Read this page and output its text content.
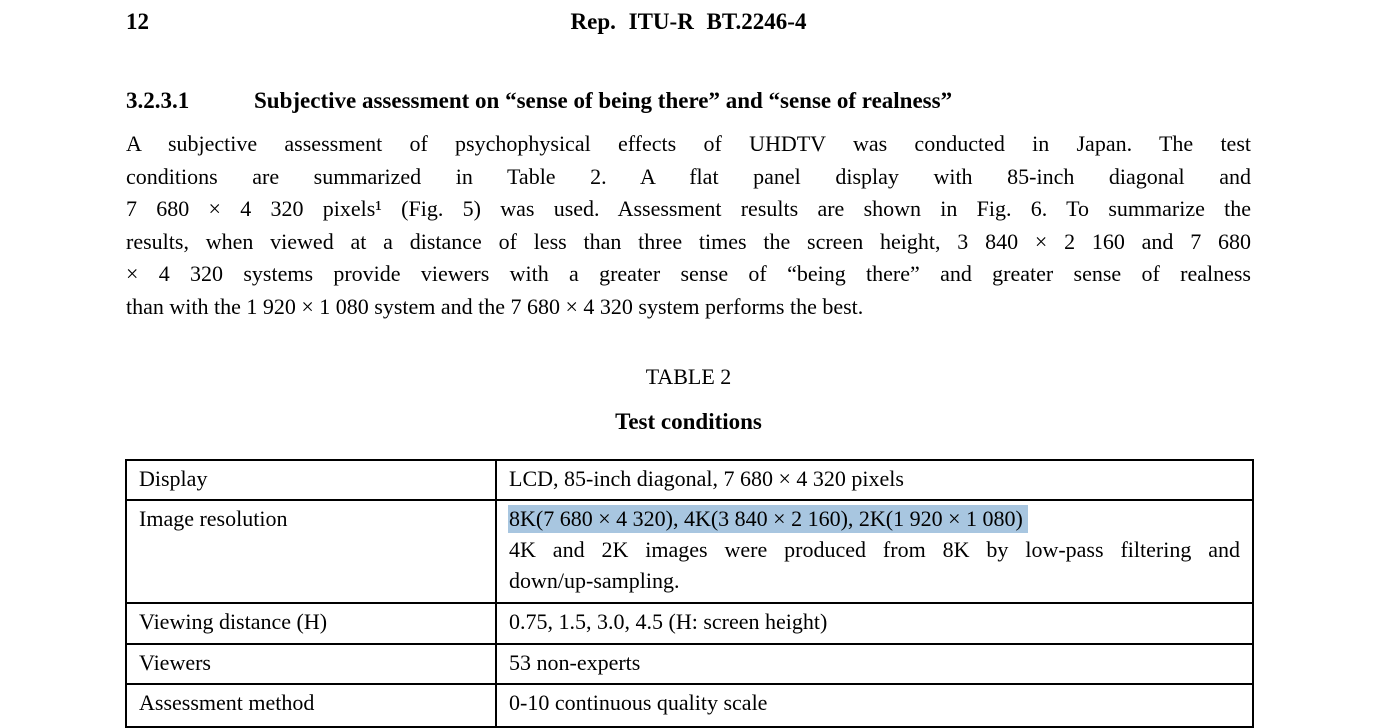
12	Rep. ITU-R BT.2246-4
3.2.3.1	Subjective assessment on “sense of being there” and “sense of realness”
A subjective assessment of psychophysical effects of UHDTV was conducted in Japan. The test
conditions are summarized in Table 2. A flat panel display with 85-inch diagonal and
7 680 × 4 320 pixels¹ (Fig. 5) was used. Assessment results are shown in Fig. 6. To summarize the
results, when viewed at a distance of less than three times the screen height, 3 840 × 2 160 and 7 680
× 4 320 systems provide viewers with a greater sense of “being there” and greater sense of realness
than with the 1 920 × 1 080 system and the 7 680 × 4 320 system performs the best.
TABLE 2
Test conditions
Display	LCD, 85-inch diagonal, 7 680 × 4 320 pixels
Image resolution	8K(7 680 × 4 320), 4K(3 840 × 2 160), 2K(1 920 × 1 080)
4K and 2K images were produced from 8K by low-pass filtering and
down/up-sampling.

Viewing distance (H)	0.75, 1.5, 3.0, 4.5 (H: screen height)
Viewers	53 non-experts
Assessment method	0-10 continuous quality scale
